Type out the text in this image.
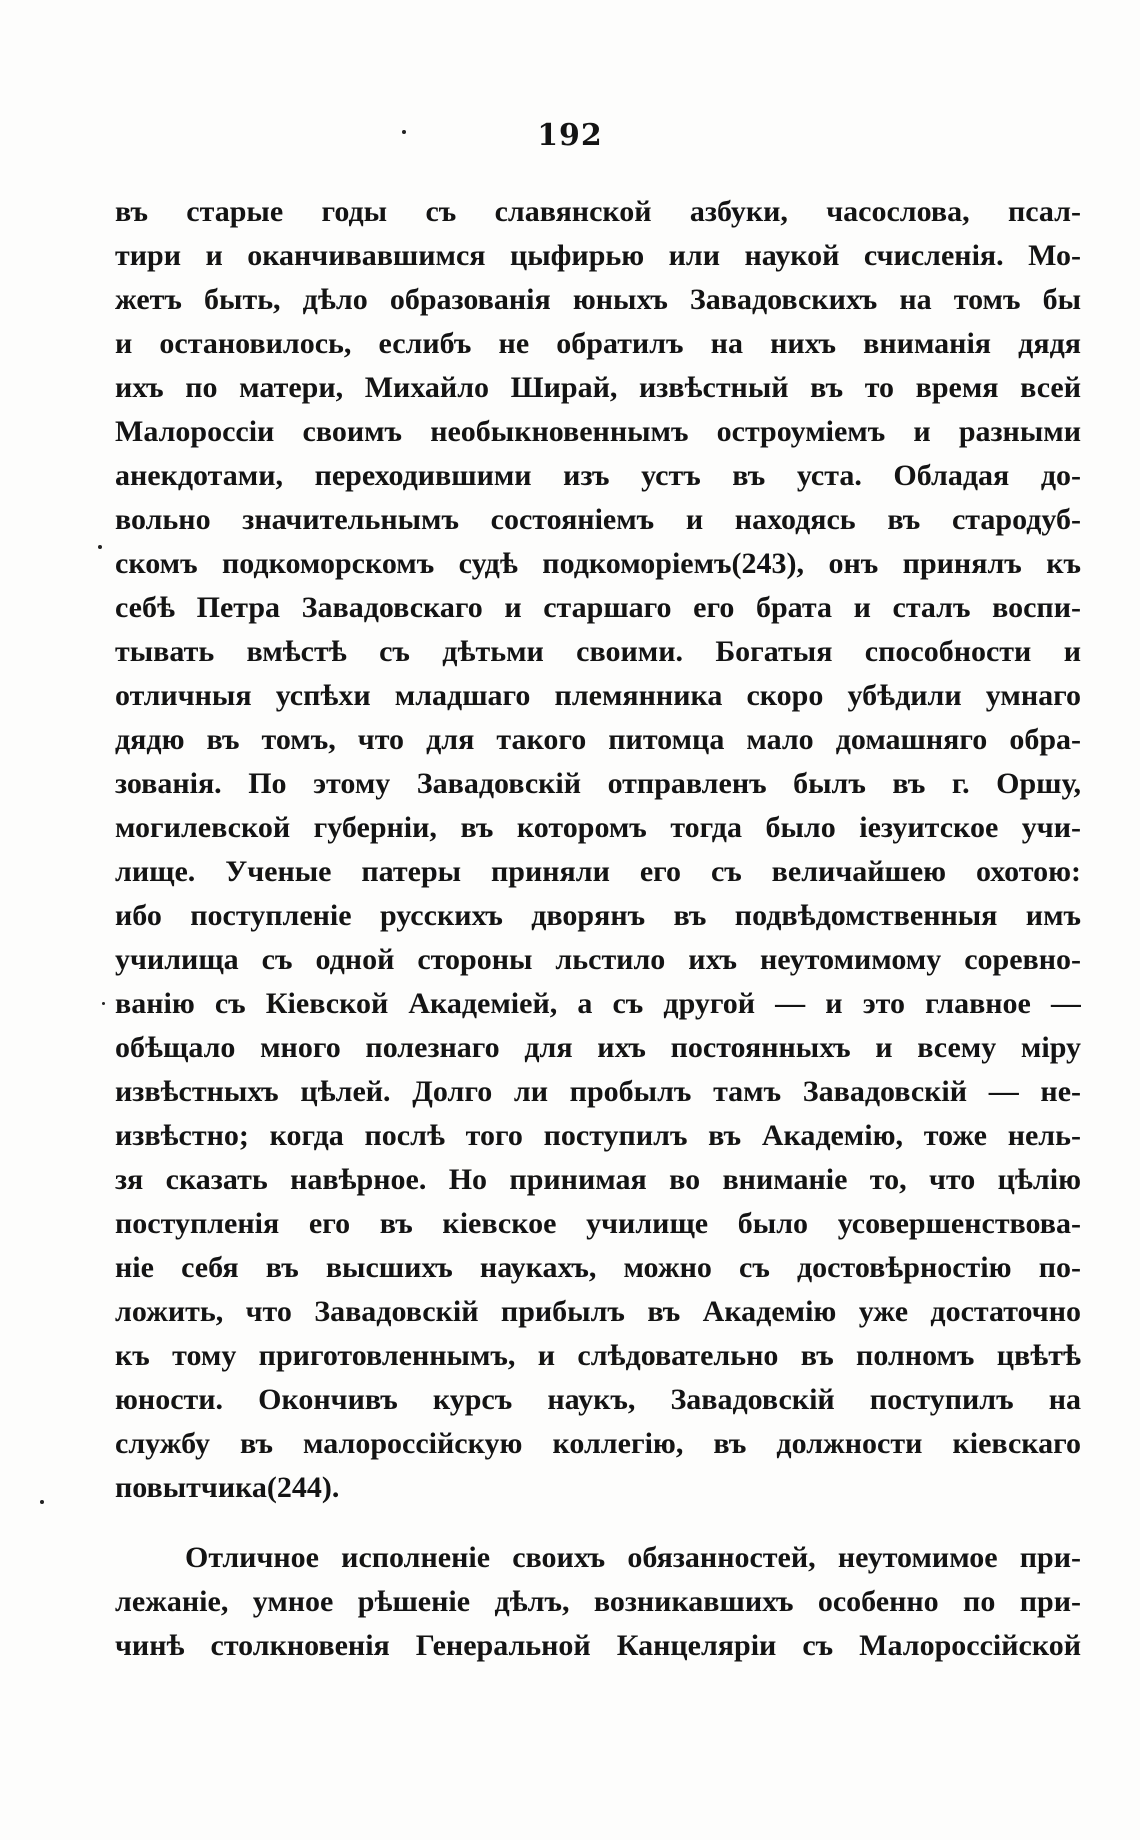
192
въ старые годы съ славянской азбуки, часослова, псал-
тири и оканчивавшимся цыфирью или наукой счисленія. Мо-
жетъ быть, дѣло образованія юныхъ Завадовскихъ на томъ бы
и остановилось, еслибъ не обратилъ на нихъ вниманія дядя
ихъ по матери, Михайло Ширай, извѣстный въ то время всей
Малороссіи своимъ необыкновеннымъ остроуміемъ и разными
анекдотами, переходившими изъ устъ въ уста. Обладая до-
вольно значительнымъ состояніемъ и находясь въ стародуб-
скомъ подкоморскомъ судѣ подкоморіемъ(243), онъ принялъ къ
себѣ Петра Завадовскаго и старшаго его брата и сталъ воспи-
тывать вмѣстѣ съ дѣтьми своими. Богатыя способности и
отличныя успѣхи младшаго племянника скоро убѣдили умнаго
дядю въ томъ, что для такого питомца мало домашняго обра-
зованія. По этому Завадовскій отправленъ былъ въ г. Оршу,
могилевской губерніи, въ которомъ тогда было іезуитское учи-
лище. Ученые патеры приняли его съ величайшею охотою:
ибо поступленіе русскихъ дворянъ въ подвѣдомственныя имъ
училища съ одной стороны льстило ихъ неутомимому соревно-
ванію съ Кіевской Академіей, а съ другой — и это главное —
обѣщало много полезнаго для ихъ постоянныхъ и всему міру
извѣстныхъ цѣлей. Долго ли пробылъ тамъ Завадовскій — не-
извѣстно; когда послѣ того поступилъ въ Академію, тоже нель-
зя сказать навѣрное. Но принимая во вниманіе то, что цѣлію
поступленія его въ кіевское училище было усовершенствова-
ніе себя въ высшихъ наукахъ, можно съ достовѣрностію по-
ложить, что Завадовскій прибылъ въ Академію уже достаточно
къ тому приготовленнымъ, и слѣдовательно въ полномъ цвѣтѣ
юности. Окончивъ курсъ наукъ, Завадовскій поступилъ на
службу въ малороссійскую коллегію, въ должности кіевскаго
повытчика(244).
Отличное исполненіе своихъ обязанностей, неутомимое при-
лежаніе, умное рѣшеніе дѣлъ, возникавшихъ особенно по при-
чинѣ столкновенія Генеральной Канцеляріи съ Малороссійской
